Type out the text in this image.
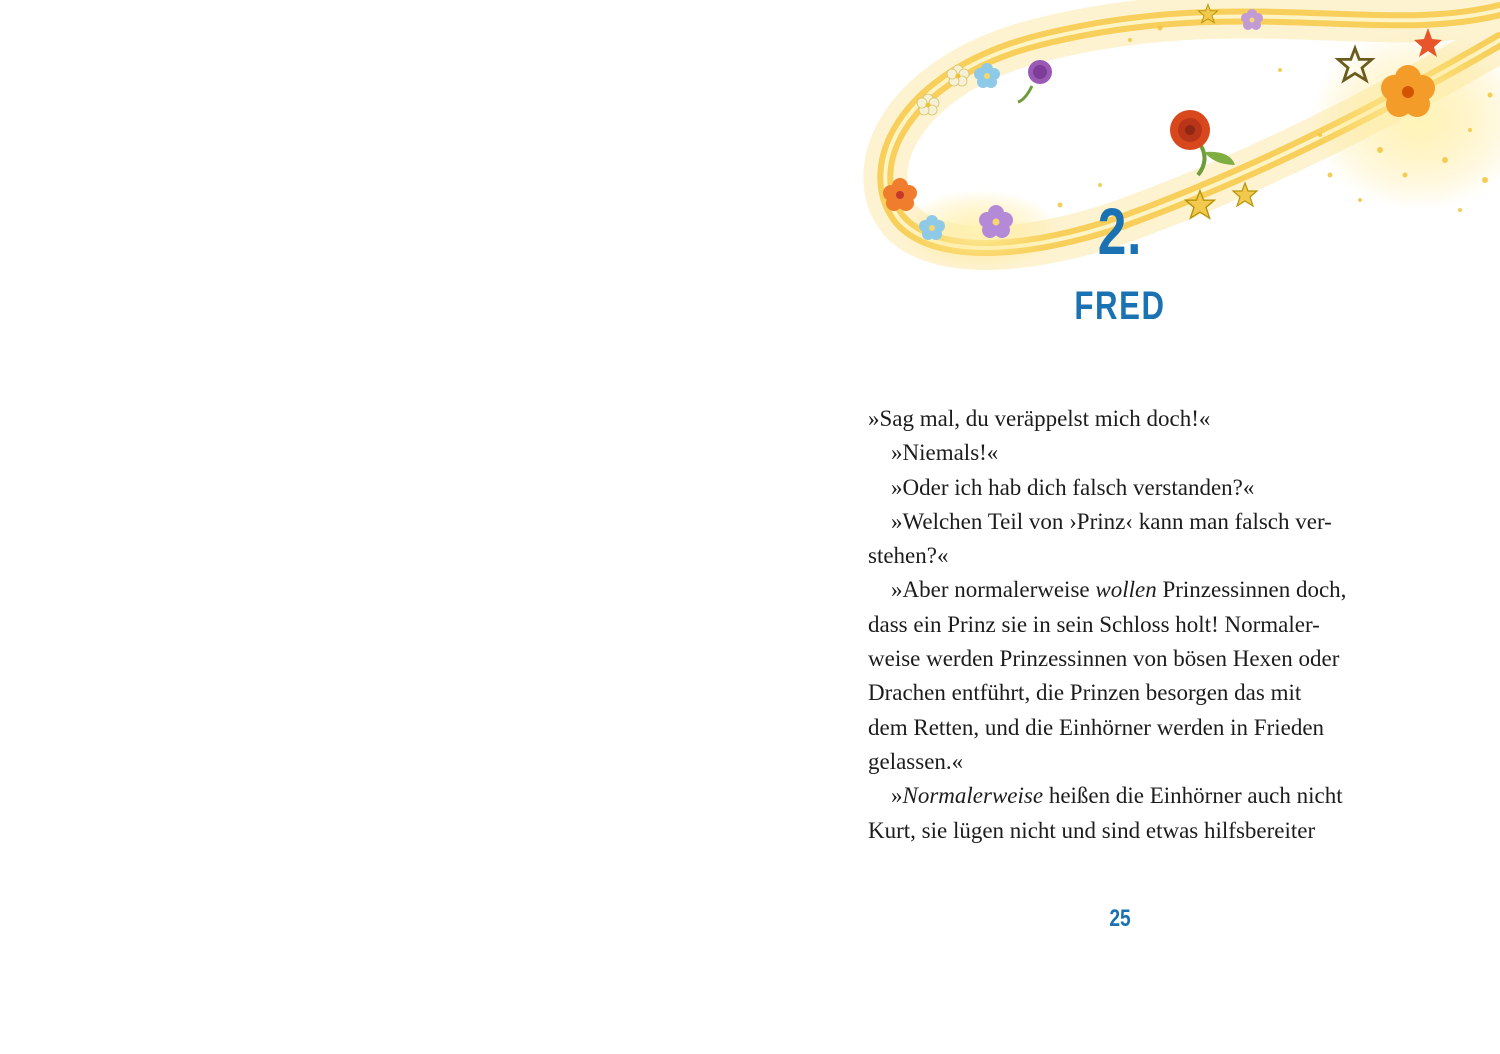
2.
FRED
»Sag mal, du veräppelst mich doch!«
»Niemals!«
»Oder ich hab dich falsch verstanden?«
»Welchen Teil von ›Prinz‹ kann man falsch ver-
stehen?«
»Aber normalerweise wollen Prinzessinnen doch,
dass ein Prinz sie in sein Schloss holt! Normaler-
weise werden Prinzessinnen von bösen Hexen oder
Drachen entführt, die Prinzen besorgen das mit
dem Retten, und die Einhörner werden in Frieden
gelassen.«
»Normalerweise heißen die Einhörner auch nicht
Kurt, sie lügen nicht und sind etwas hilfsbereiter
25
